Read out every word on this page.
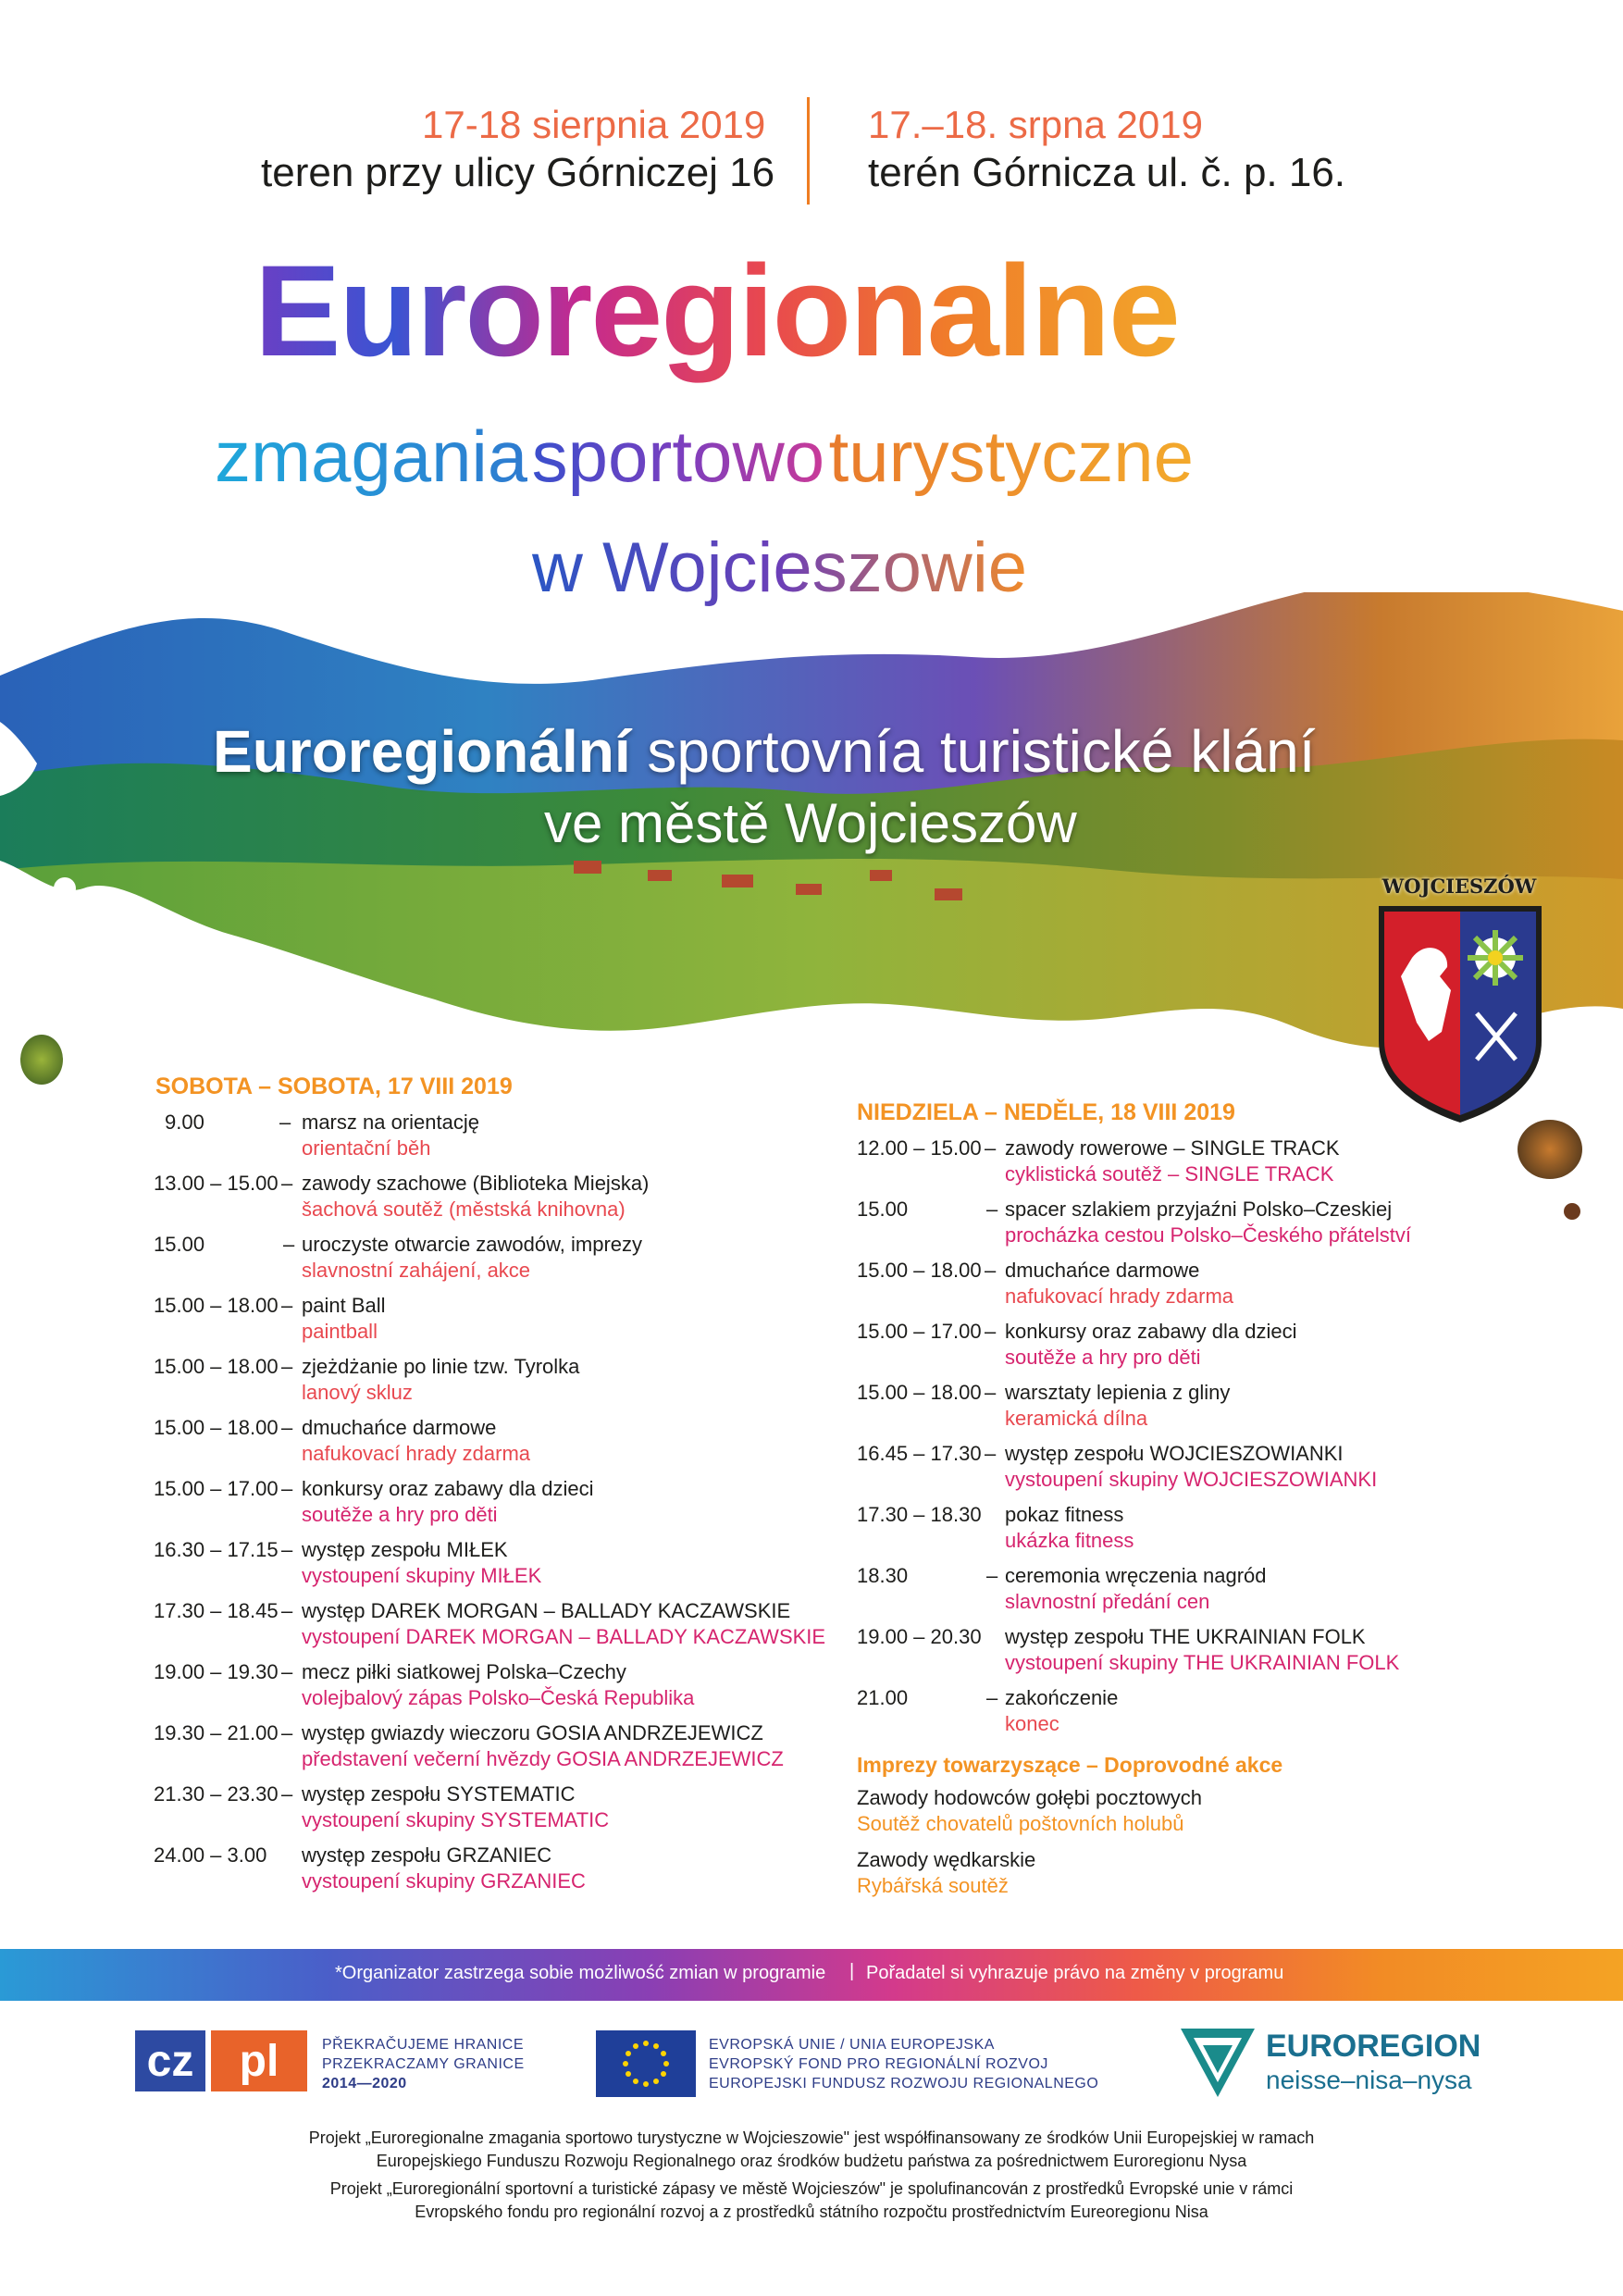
17-18 sierpnia 2019
teren przy ulicy Górniczej 16
17.–18. srpna 2019
terén Górnicza ul. č. p. 16.
Euroregionalne
zmagania sportowo turystyczne
w Wojcieszowie
Euroregionální sportovnía turistické klání
ve městě Wojcieszów
WOJCIESZÓW
SOBOTA – SOBOTA, 17 VIII 2019
9.00	– marsz na orientację
orientační běh
13.00 – 15.00 – zawody szachowe (Biblioteka Miejska)
šachová soutěž (městská knihovna)
15.00	– uroczyste otwarcie zawodów, imprezy
slavnostní zahájení, akce
15.00 – 18.00 – paint Ball
paintball
15.00 – 18.00 – zjeżdżanie po linie tzw. Tyrolka
lanový skluz
15.00 – 18.00 – dmuchańce darmowe
nafukovací hrady zdarma
15.00 – 17.00 – konkursy oraz zabawy dla dzieci
soutěže a hry pro děti
16.30 – 17.15 – występ zespołu MIŁEK
vystoupení skupiny MIŁEK
17.30 – 18.45 – występ DAREK MORGAN – BALLADY KACZAWSKIE
vystoupení DAREK MORGAN – BALLADY KACZAWSKIE
19.00 – 19.30 – mecz piłki siatkowej Polska–Czechy
volejbalový zápas Polsko–Česká Republika
19.30 – 21.00 – występ gwiazdy wieczoru GOSIA ANDRZEJEWICZ
představení večerní hvězdy GOSIA ANDRZEJEWICZ
21.30 – 23.30 – występ zespołu SYSTEMATIC
vystoupení skupiny SYSTEMATIC
24.00 – 3.00 występ zespołu GRZANIEC
vystoupení skupiny GRZANIEC
NIEDZIELA – NEDĚLE, 18 VIII 2019
12.00 – 15.00 – zawody rowerowe – SINGLE TRACK
cyklistická soutěž – SINGLE TRACK
15.00	– spacer szlakiem przyjaźni Polsko–Czeskiej
procházka cestou Polsko–Českého přátelství
15.00 – 18.00 – dmuchańce darmowe
nafukovací hrady zdarma
15.00 – 17.00 – konkursy oraz zabawy dla dzieci
soutěže a hry pro děti
15.00 – 18.00 – warsztaty lepienia z gliny
keramická dílna
16.45 – 17.30 – występ zespołu WOJCIESZOWIANKI
vystoupení skupiny WOJCIESZOWIANKI
17.30 – 18.30 pokaz fitness
ukázka fitness
18.30	– ceremonia wręczenia nagród
slavnostní předání cen
19.00 – 20.30 występ zespołu THE UKRAINIAN FOLK
vystoupení skupiny THE UKRAINIAN FOLK
21.00	– zakończenie
konec
Imprezy towarzyszące – Doprovodné akce
Zawody hodowców gołębi pocztowych
Soutěž chovatelů poštovních holubů
Zawody wędkarskie
Rybářská soutěž
*Organizator zastrzega sobie możliwość zmian w programie | Pořadatel si vyhrazuje právo na změny v programu
cz	pl	PŘEKRAČUJEME HRANICE
PRZEKRACZAMY GRANICE
2014—2020
EVROPSKÁ UNIE / UNIA EUROPEJSKA
EVROPSKÝ FOND PRO REGIONÁLNÍ ROZVOJ
EUROPEJSKI FUNDUSZ ROZWOJU REGIONALNEGO
EUROREGION
neisse–nisa–nysa
Projekt „Euroregionalne zmagania sportowo turystyczne w Wojcieszowie" jest współfinansowany ze środków Unii Europejskiej w ramach
Europejskiego Funduszu Rozwoju Regionalnego oraz środków budżetu państwa za pośrednictwem Euroregionu Nysa
Projekt „Euroregionální sportovní a turistické zápasy ve městě Wojcieszów" je spolufinancován z prostředků Evropské unie v rámci
Evropského fondu pro regionální rozvoj a z prostředků státního rozpočtu prostřednictvím Eureoregionu Nisa
